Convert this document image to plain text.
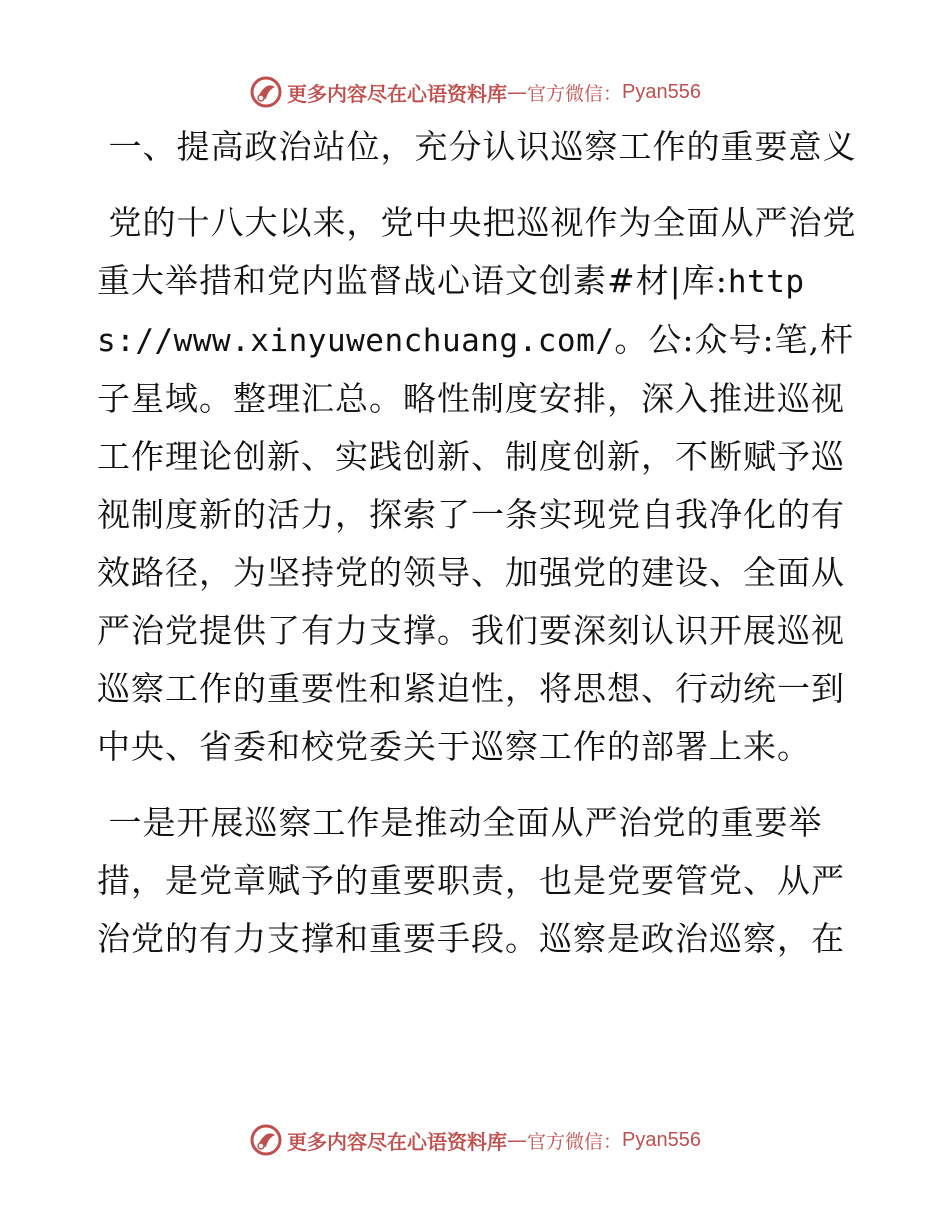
更多内容尽在心语资料库 — 官方微信： Pyan556

一、提高政治站位，充分认识巡察工作的重要意义

党的十八大以来，党中央把巡视作为全面从严治党重大举措和党内监督战心语文创素#材|库:https://www.xinyuwenchuang.com/。公:众号:笔,杆子星域。整理汇总。略性制度安排，深入推进巡视工作理论创新、实践创新、制度创新，不断赋予巡视制度新的活力，探索了一条实现党自我净化的有效路径，为坚持党的领导、加强党的建设、全面从严治党提供了有力支撑。我们要深刻认识开展巡视巡察工作的重要性和紧迫性，将思想、行动统一到中央、省委和校党委关于巡察工作的部署上来。

一是开展巡察工作是推动全面从严治党的重要举措，是党章赋予的重要职责，也是党要管党、从严治党的有力支撑和重要手段。巡察是政治巡察，在

更多内容尽在心语资料库 — 官方微信： Pyan556
